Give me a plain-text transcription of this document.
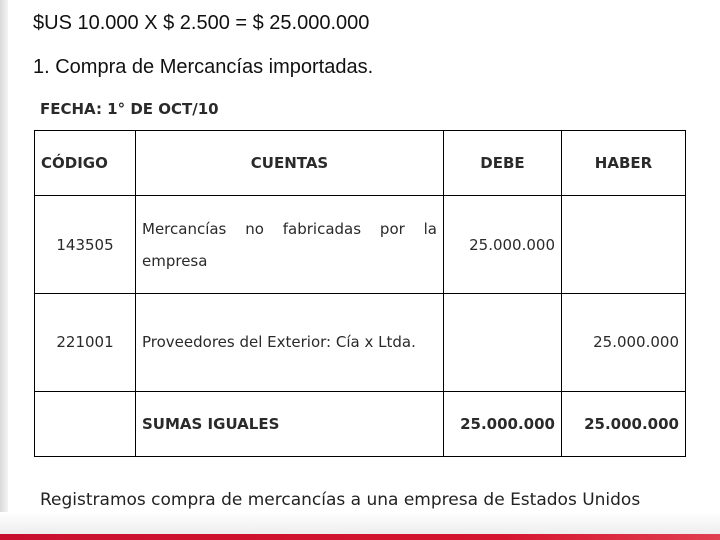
$US 10.000 X $ 2.500 = $ 25.000.000
1. Compra de Mercancías importadas.
FECHA: 1° DE OCT/10
CÓDIGO	CUENTAS	DEBE	HABER
143505	Mercancías no fabricadas por la empresa	25.000.000	
221001	Proveedores del Exterior: Cía x Ltda.		25.000.000
	SUMAS IGUALES	25.000.000	25.000.000
Registramos compra de mercancías a una empresa de Estados Unidos
